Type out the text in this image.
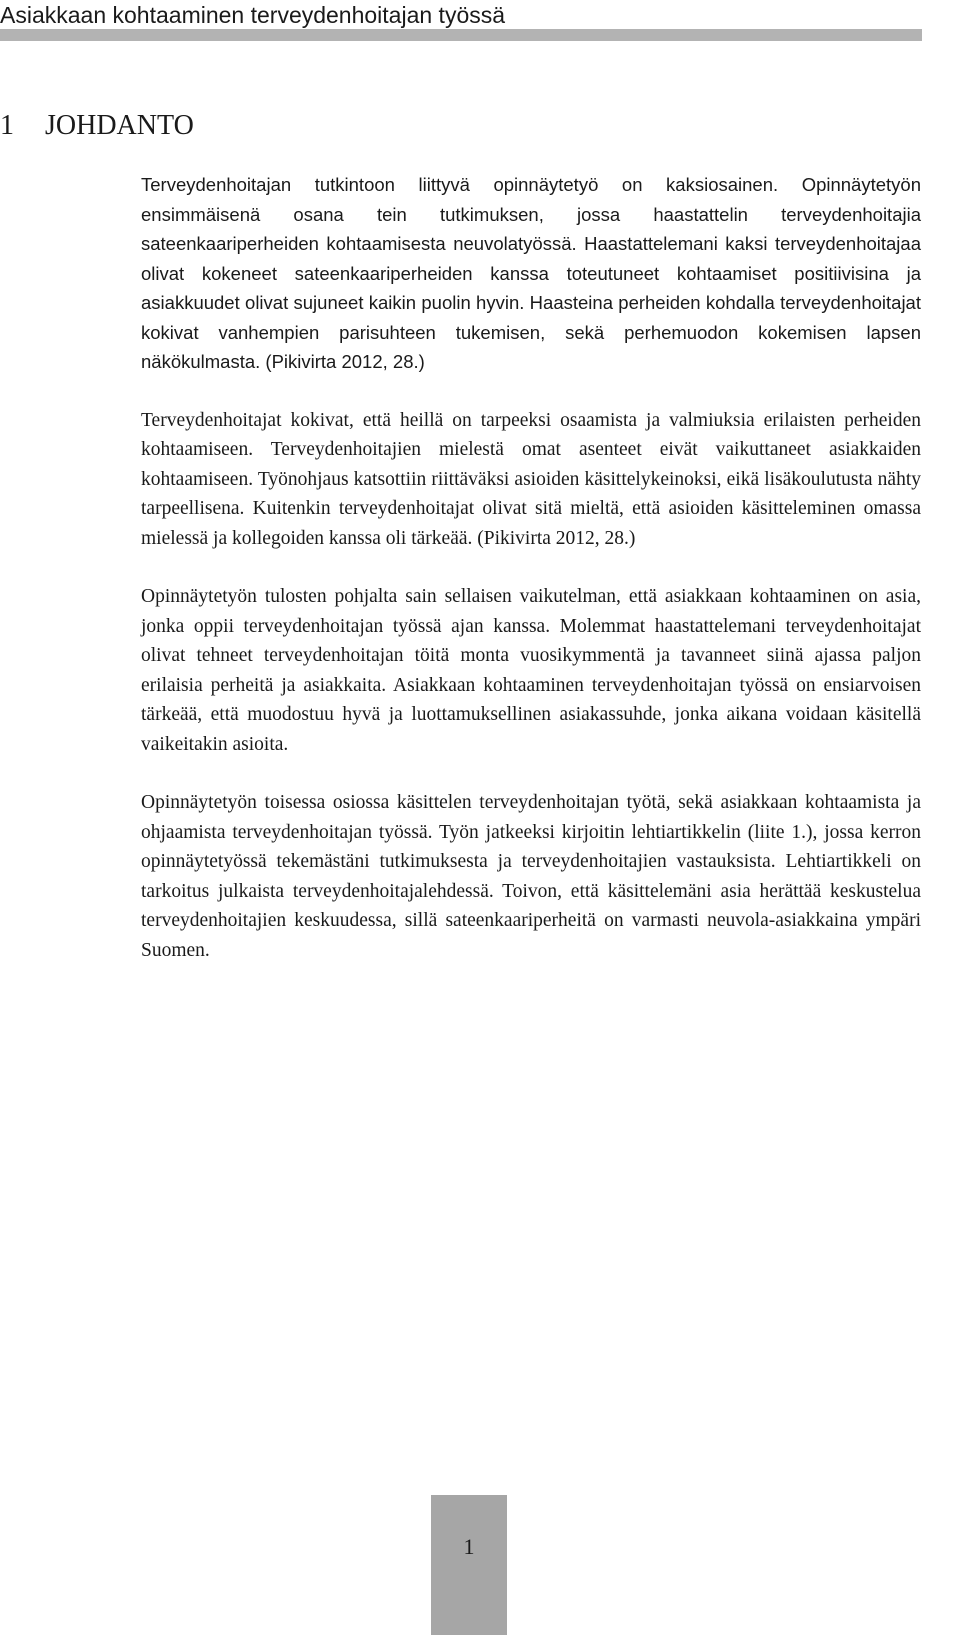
Asiakkaan kohtaaminen terveydenhoitajan työssä
1 JOHDANTO

Terveydenhoitajan tutkintoon liittyvä opinnäytetyö on kaksiosainen. Opinnäytetyön ensimmäisenä osana tein tutkimuksen, jossa haastattelin terveydenhoitajia sateenkaariperheiden kohtaamisesta neuvolatyössä. Haastattelemani kaksi terveydenhoitajaa olivat kokeneet sateenkaariperheiden kanssa toteutuneet kohtaamiset positiivisina ja asiakkuudet olivat sujuneet kaikin puolin hyvin. Haasteina perheiden kohdalla terveydenhoitajat kokivat vanhempien parisuhteen tukemisen, sekä perhemuodon kokemisen lapsen näkökulmasta. (Pikivirta 2012, 28.)

Terveydenhoitajat kokivat, että heillä on tarpeeksi osaamista ja valmiuksia erilaisten perheiden kohtaamiseen. Terveydenhoitajien mielestä omat asenteet eivät vaikuttaneet asiakkaiden kohtaamiseen. Työnohjaus katsottiin riittäväksi asioiden käsittelykeinoksi, eikä lisäkoulutusta nähty tarpeellisena. Kuitenkin terveydenhoitajat olivat sitä mieltä, että asioiden käsitteleminen omassa mielessä ja kollegoiden kanssa oli tärkeää. (Pikivirta 2012, 28.)

Opinnäytetyön tulosten pohjalta sain sellaisen vaikutelman, että asiakkaan kohtaaminen on asia, jonka oppii terveydenhoitajan työssä ajan kanssa. Molemmat haastattelemani terveydenhoitajat olivat tehneet terveydenhoitajan töitä monta vuosikymmentä ja tavanneet siinä ajassa paljon erilaisia perheitä ja asiakkaita. Asiakkaan kohtaaminen terveydenhoitajan työssä on ensiarvoisen tärkeää, että muodostuu hyvä ja luottamuksellinen asiakassuhde, jonka aikana voidaan käsitellä vaikeitakin asioita.

Opinnäytetyön toisessa osiossa käsittelen terveydenhoitajan työtä, sekä asiakkaan kohtaamista ja ohjaamista terveydenhoitajan työssä. Työn jatkeeksi kirjoitin lehtiartikkelin (liite 1.), jossa kerron opinnäytetyössä tekemästäni tutkimuksesta ja terveydenhoitajien vastauksista. Lehtiartikkeli on tarkoitus julkaista terveydenhoitajalehdessä. Toivon, että käsittelemäni asia herättää keskustelua terveydenhoitajien keskuudessa, sillä sateenkaariperheitä on varmasti neuvola-asiakkaina ympäri Suomen.

1
